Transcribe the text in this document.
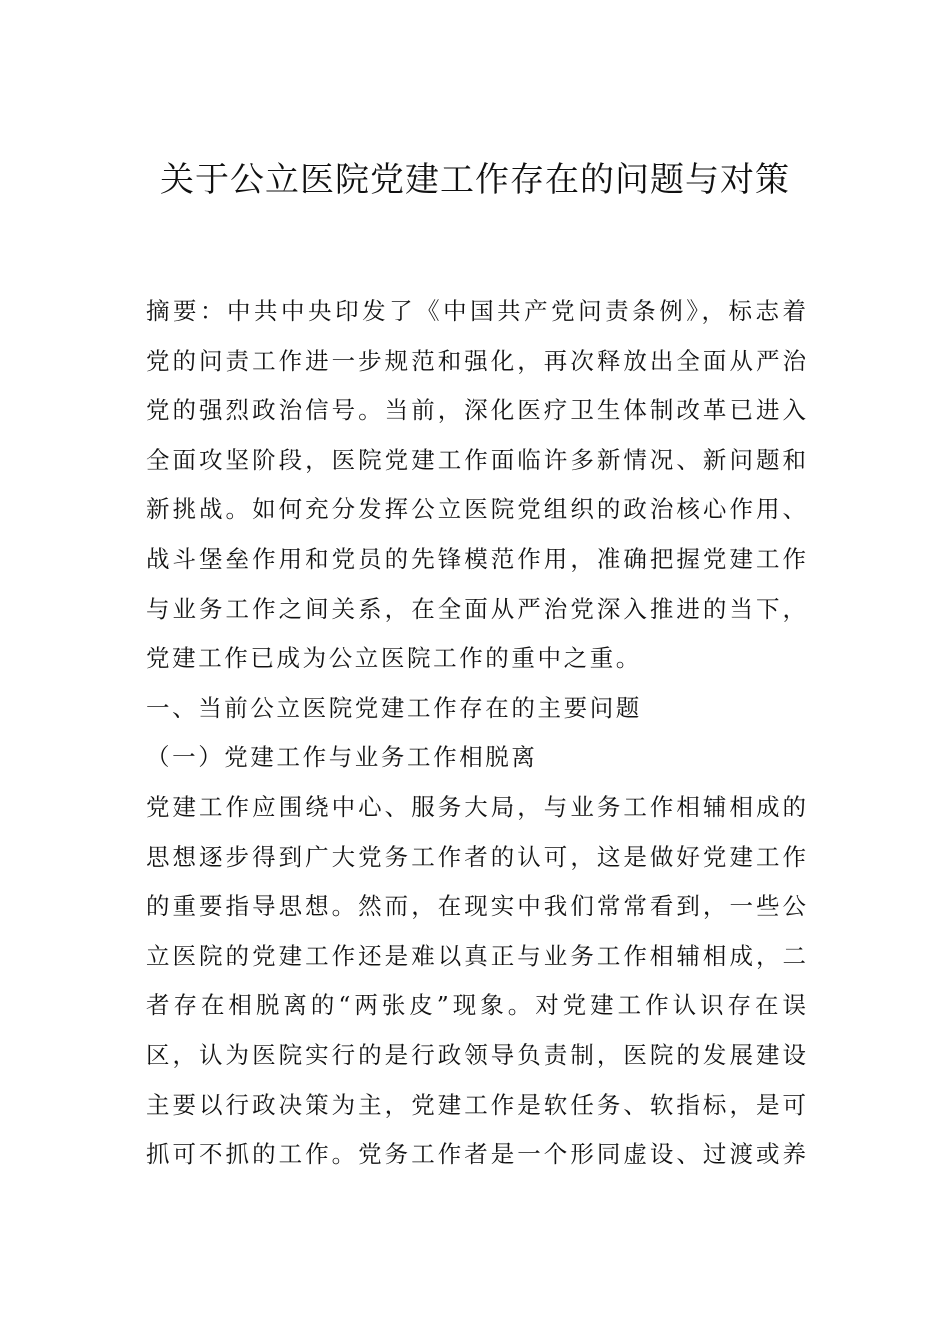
关于公立医院党建工作存在的问题与对策
摘要：中共中央印发了《中国共产党问责条例》，标志着
党的问责工作进一步规范和强化，再次释放出全面从严治
党的强烈政治信号。当前，深化医疗卫生体制改革已进入
全面攻坚阶段，医院党建工作面临许多新情况、新问题和
新挑战。如何充分发挥公立医院党组织的政治核心作用、
战斗堡垒作用和党员的先锋模范作用，准确把握党建工作
与业务工作之间关系，在全面从严治党深入推进的当下，
党建工作已成为公立医院工作的重中之重。
一、当前公立医院党建工作存在的主要问题
（一）党建工作与业务工作相脱离
党建工作应围绕中心、服务大局，与业务工作相辅相成的
思想逐步得到广大党务工作者的认可，这是做好党建工作
的重要指导思想。然而，在现实中我们常常看到，一些公
立医院的党建工作还是难以真正与业务工作相辅相成，二
者存在相脱离的“两张皮”现象。对党建工作认识存在误
区，认为医院实行的是行政领导负责制，医院的发展建设
主要以行政决策为主，党建工作是软任务、软指标，是可
抓可不抓的工作。党务工作者是一个形同虚设、过渡或养
